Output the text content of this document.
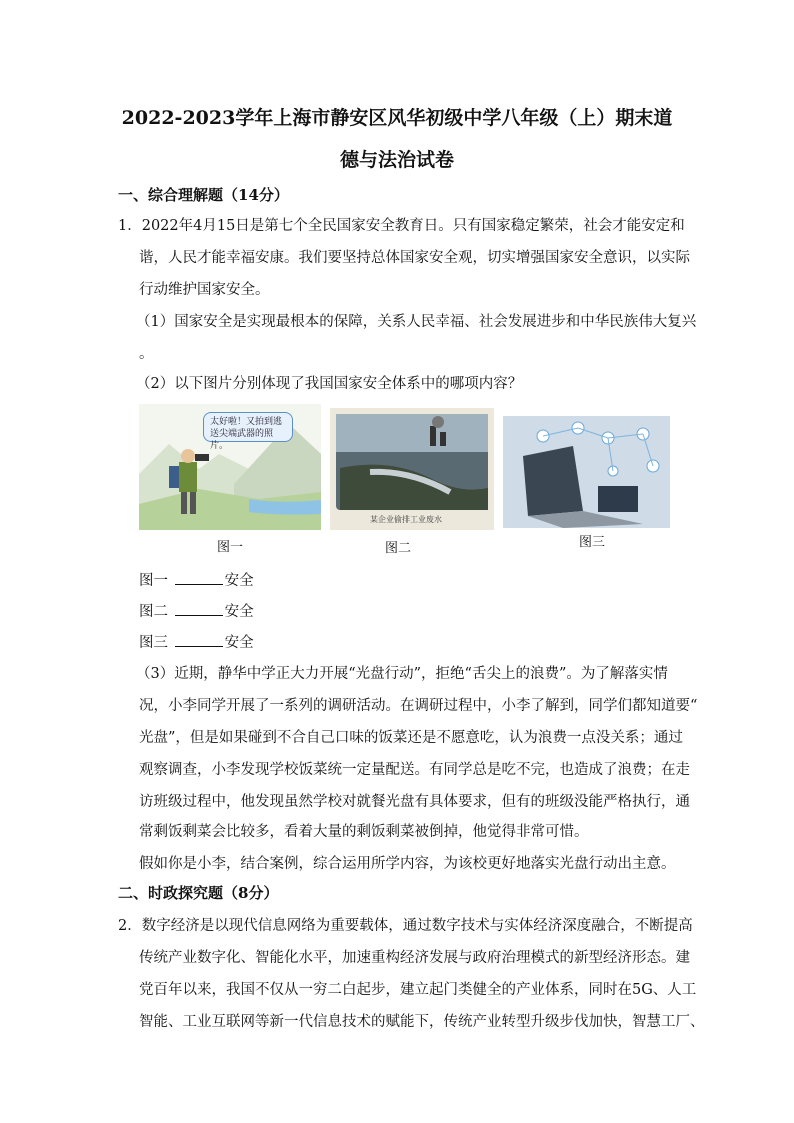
2022-2023学年上海市静安区风华初级中学八年级（上）期末道
德与法治试卷
一、综合理解题（14分）
1．2022年4月15日是第七个全民国家安全教育日。只有国家稳定繁荣，社会才能安定和
谐，人民才能幸福安康。我们要坚持总体国家安全观，切实增强国家安全意识，以实际
行动维护国家安全。
（1）国家安全是实现最根本的保障，关系人民幸福、社会发展进步和中华民族伟大复兴
。
（2）以下图片分别体现了我国国家安全体系中的哪项内容？
太好啦！又拍到逃送尖端武器的照片。
图一
某企业偷排工业废水
图二	图三
图一	安全
图二	安全
图三	安全
（3）近期，静华中学正大力开展“光盘行动”，拒绝“舌尖上的浪费”。为了解落实情
况，小李同学开展了一系列的调研活动。在调研过程中，小李了解到，同学们都知道要“
光盘”，但是如果碰到不合自己口味的饭菜还是不愿意吃，认为浪费一点没关系；通过
观察调查，小李发现学校饭菜统一定量配送。有同学总是吃不完，也造成了浪费；在走
访班级过程中，他发现虽然学校对就餐光盘有具体要求，但有的班级没能严格执行，通
常剩饭剩菜会比较多，看着大量的剩饭剩菜被倒掉，他觉得非常可惜。
假如你是小李，结合案例，综合运用所学内容，为该校更好地落实光盘行动出主意。
二、时政探究题（8分）
2．数字经济是以现代信息网络为重要载体，通过数字技术与实体经济深度融合，不断提高
传统产业数字化、智能化水平，加速重构经济发展与政府治理模式的新型经济形态。建
党百年以来，我国不仅从一穷二白起步，建立起门类健全的产业体系，同时在5G、人工
智能、工业互联网等新一代信息技术的赋能下，传统产业转型升级步伐加快，智慧工厂、
